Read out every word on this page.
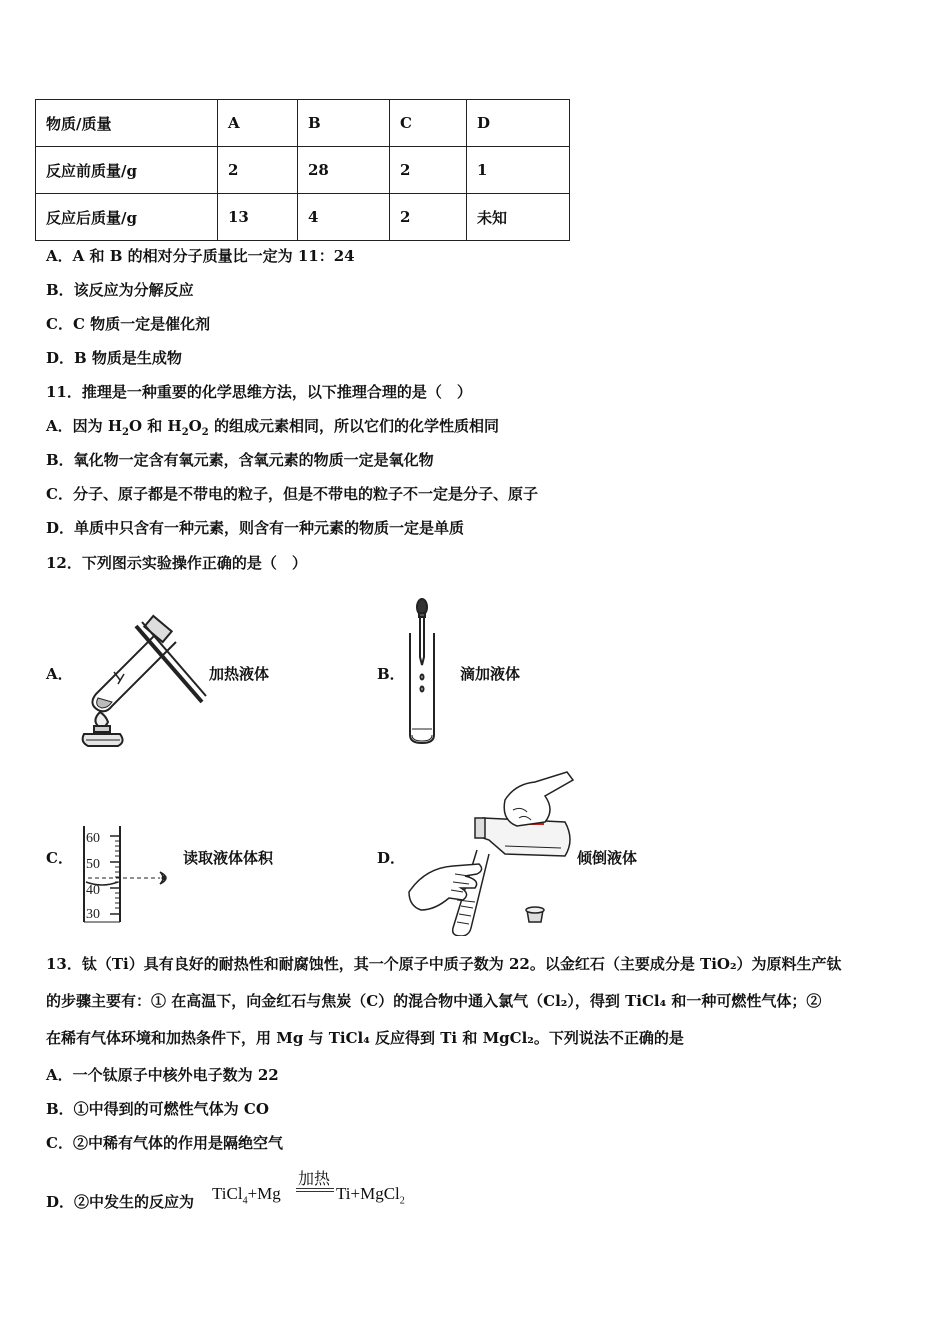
物质/质量	A	B	C	D
反应前质量/g	2	28	2	1
反应后质量/g	13	4	2	未知
A．A 和 B 的相对分子质量比一定为 11：24
B．该反应为分解反应
C．C 物质一定是催化剂
D．B 物质是生成物
11．推理是一种重要的化学思维方法，以下推理合理的是（　）
A．因为 $H_2O$ 和 $H_2O_2$ 的组成元素相同，所以它们的化学性质相同
B．氧化物一定含有氧元素，含氧元素的物质一定是氧化物
C．分子、原子都是不带电的粒子，但是不带电的粒子不一定是分子、原子
D．单质中只含有一种元素，则含有一种元素的物质一定是单质
12．下列图示实验操作正确的是（　）
A．	加热液体	B．	滴加液体
C．
60
50
40
30
读取液体体积	D．	倾倒液体
13．钛（Ti）具有良好的耐热性和耐腐蚀性，其一个原子中质子数为 22。以金红石（主要成分是 TiO₂）为原料生产钛
的步骤主要有：① 在高温下，向金红石与焦炭（C）的混合物中通入氯气（Cl₂），得到 TiCl₄ 和一种可燃性气体；②
在稀有气体环境和加热条件下，用 Mg 与 TiCl₄ 反应得到 Ti 和 MgCl₂。下列说法不正确的是
A．一个钛原子中核外电子数为 22
B．①中得到的可燃性气体为 CO
C．②中稀有气体的作用是隔绝空气
D．②中发生的反应为 TiCl$_4$+Mg
加热
Ti+MgCl$_2$
